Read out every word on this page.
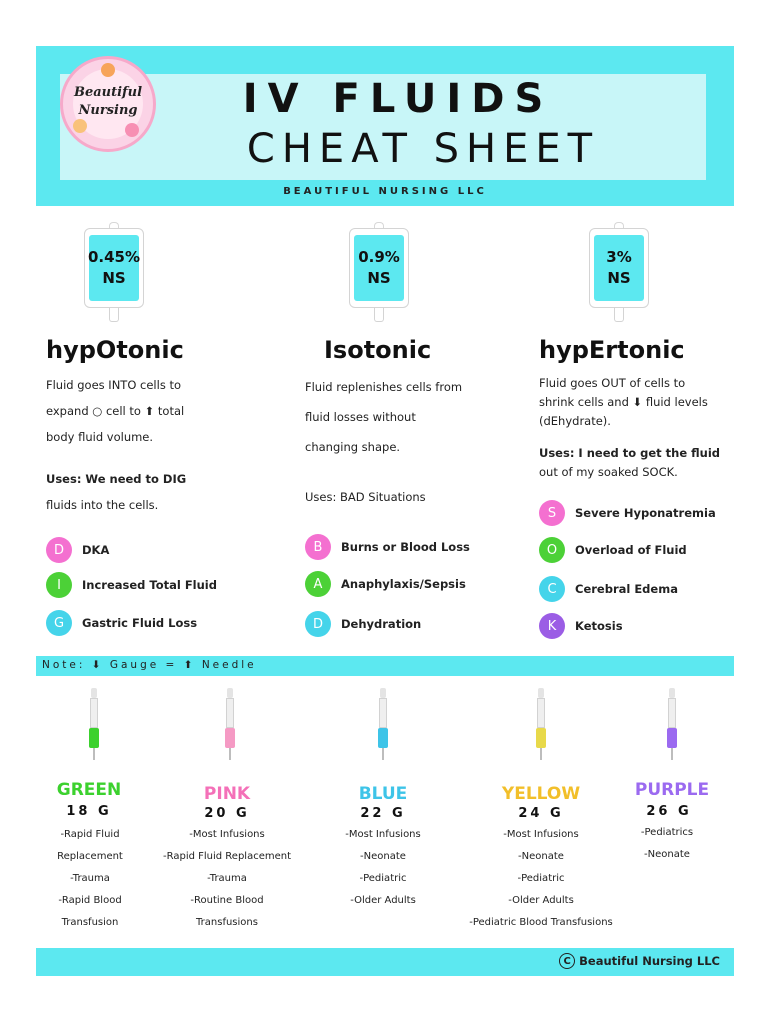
IV FLUIDS
CHEAT SHEET
Beautiful
Nursing
BEAUTIFUL NURSING LLC
0.45%
NS
hypOtonic
Fluid goes INTO cells to
expand ○ cell to ⬆ total
body fluid volume.
Uses: We need to DIG
fluids into the cells.
D	DKA
I	Increased Total Fluid
G	Gastric Fluid Loss
0.9%
NS
Isotonic
Fluid replenishes cells from
fluid losses without
changing shape.
Uses: BAD Situations
B	Burns or Blood Loss
A	Anaphylaxis/Sepsis
D	Dehydration
3%
NS
hypErtonic
Fluid goes OUT of cells to
shrink cells and ⬇ fluid levels
(dEhydrate).
Uses: I need to get the fluid
out of my soaked SOCK.
S	Severe Hyponatremia
O	Overload of Fluid
C	Cerebral Edema
K	Ketosis
Note: ⬇ Gauge = ⬆ Needle
GREEN
18 G
-Rapid Fluid
Replacement
-Trauma
-Rapid Blood
Transfusion
PINK
20 G
-Most Infusions
-Rapid Fluid Replacement
-Trauma
-Routine Blood
Transfusions
BLUE
22 G
-Most Infusions
-Neonate
-Pediatric
-Older Adults
YELLOW
24 G
-Most Infusions
-Neonate
-Pediatric
-Older Adults
-Pediatric Blood Transfusions
PURPLE
26 G
-Pediatrics
-Neonate
C Beautiful Nursing LLC
